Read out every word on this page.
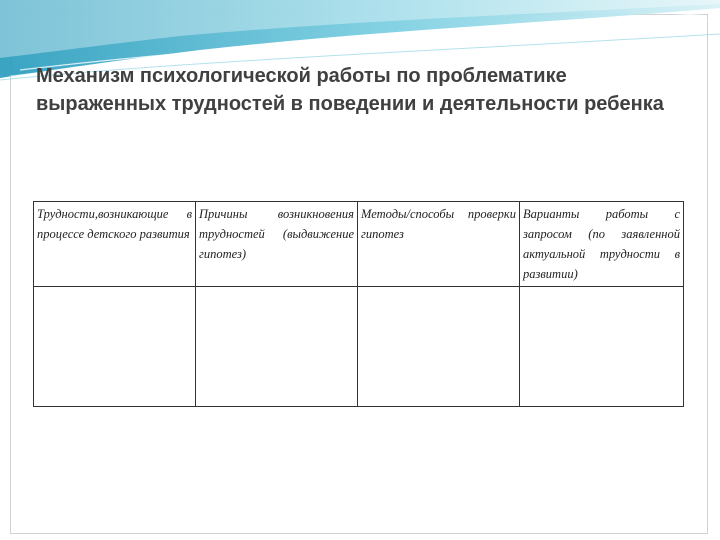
Механизм психологической работы по проблематике выраженных трудностей в поведении и деятельности ребенка
Трудности,возникающие в процессе детского развития	Причины возникновения трудностей (выдвижение гипотез)	Методы/способы проверки гипотез	Варианты работы с запросом (по заявленной актуальной трудности в развитии)
